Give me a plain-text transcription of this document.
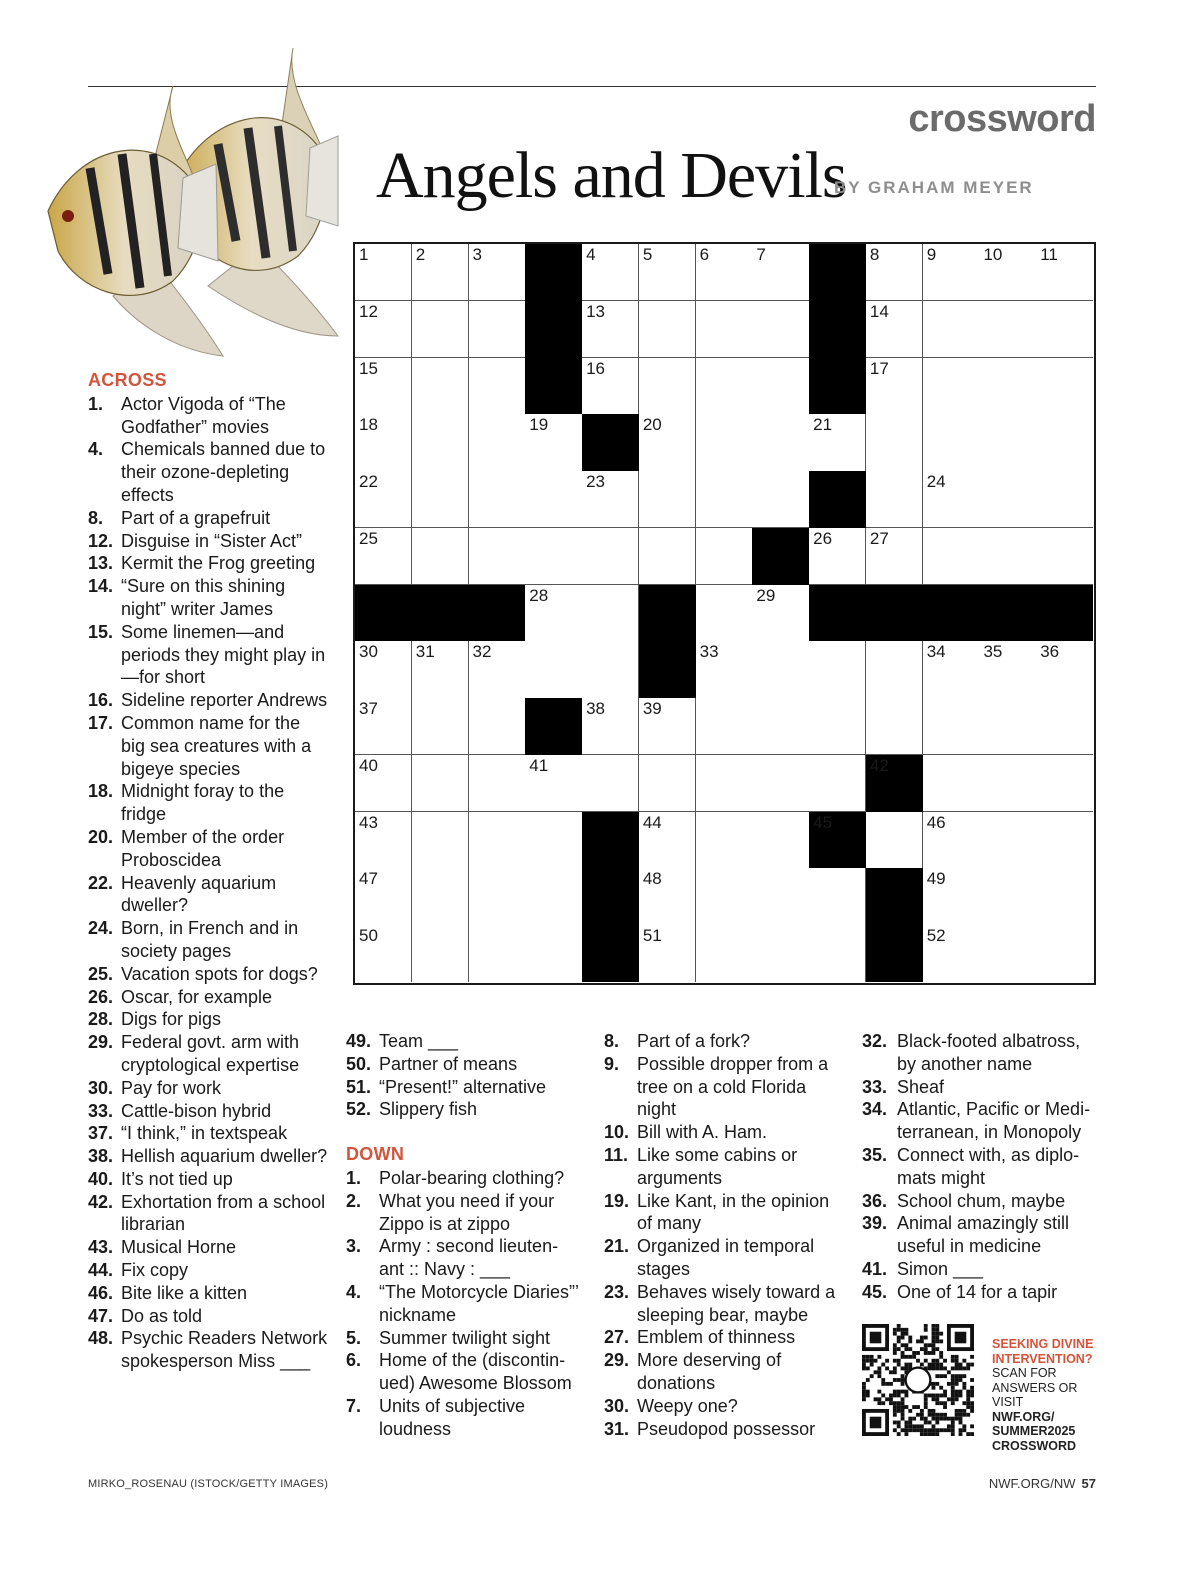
crossword
Angels and Devils
BY GRAHAM MEYER
1	2	3	4	5	6	7	8	9	10 11
12	13	14
15	16	17
18	19	20	21
22	23	24
25	26 27
28	29
30 31 32	33	34 35 36
37	38 39
40	41	42
43	44	45	46
47	48	49
50	51	52
ACROSS
1. Actor Vigoda of “The Godfather” movies
4. Chemicals banned due to their ozone-depleting effects
8. Part of a grapefruit
12. Disguise in “Sister Act”
13. Kermit the Frog greeting
14. “Sure on this shining night” writer James
15. Some linemen—and periods they might play in—for short
16. Sideline reporter Andrews
17. Common name for the big sea creatures with a bigeye species
18. Midnight foray to the fridge
20. Member of the order Proboscidea
22. Heavenly aquarium dweller?
24. Born, in French and in society pages
25. Vacation spots for dogs?
26. Oscar, for example
28. Digs for pigs
29. Federal govt. arm with cryptological expertise
30. Pay for work
33. Cattle-bison hybrid
37. “I think,” in textspeak
38. Hellish aquarium dweller?
40. It’s not tied up
42. Exhortation from a school librarian
43. Musical Horne
44. Fix copy
46. Bite like a kitten
47. Do as told
48. Psychic Readers Network spokesperson Miss ___
49. Team ___
50. Partner of means
51. “Present!” alternative
52. Slippery fish
DOWN
1. Polar-bearing clothing?
2. What you need if your Zippo is at zippo
3. Army : second lieuten- ant :: Navy : ___
4. “The Motorcycle Diaries”’ nickname
5. Summer twilight sight
6. Home of the (discontin- ued) Awesome Blossom
7. Units of subjective loudness
8. Part of a fork?
9. Possible dropper from a tree on a cold Florida night
10. Bill with A. Ham.
11. Like some cabins or arguments
19. Like Kant, in the opinion of many
21. Organized in temporal stages
23. Behaves wisely toward a sleeping bear, maybe
27. Emblem of thinness
29. More deserving of donations
30. Weepy one?
31. Pseudopod possessor
32. Black-footed albatross, by another name
33. Sheaf
34. Atlantic, Pacific or Medi- terranean, in Monopoly
35. Connect with, as diplo- mats might
36. School chum, maybe
39. Animal amazingly still useful in medicine
41. Simon ___
45. One of 14 for a tapir
SEEKING DIVINE INTERVENTION?
SCAN FOR ANSWERS OR VISIT
NWF.ORG/ SUMMER2025 CROSSWORD
MIRKO_ROSENAU (ISTOCK/GETTY IMAGES)	NWF.ORG/NW 57
